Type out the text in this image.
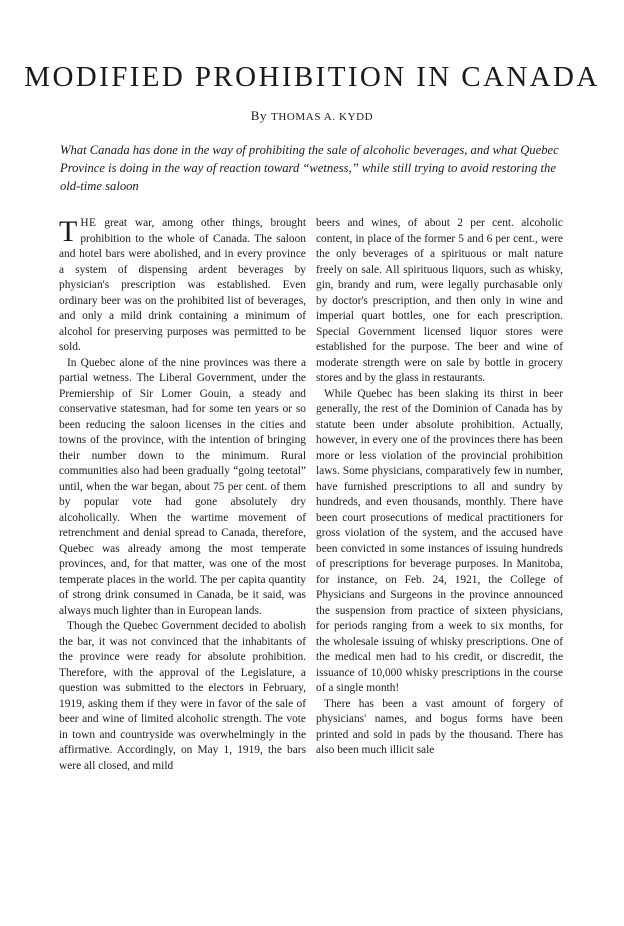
MODIFIED PROHIBITION IN CANADA

By THOMAS A. KYDD

What Canada has done in the way of prohibiting the sale of alcoholic beverages, and what Quebec Province is doing in the way of reaction toward “wetness,” while still trying to avoid restoring the old-time saloon

THE great war, among other things, brought prohibition to the whole of Canada. The saloon and hotel bars were abolished, and in every province a system of dispensing ardent beverages by physician's prescription was established. Even ordinary beer was on the prohibited list of beverages, and only a mild drink containing a minimum of alcohol for preserving purposes was permitted to be sold.

In Quebec alone of the nine provinces was there a partial wetness. The Liberal Government, under the Premiership of Sir Lomer Gouin, a steady and conservative statesman, had for some ten years or so been reducing the saloon licenses in the cities and towns of the province, with the intention of bringing their number down to the minimum. Rural communities also had been gradually “going teetotal” until, when the war began, about 75 per cent. of them by popular vote had gone absolutely dry alcoholically. When the wartime movement of retrenchment and denial spread to Canada, therefore, Quebec was already among the most temperate provinces, and, for that matter, was one of the most temperate places in the world. The per capita quantity of strong drink consumed in Canada, be it said, was always much lighter than in European lands.

Though the Quebec Government decided to abolish the bar, it was not convinced that the inhabitants of the province were ready for absolute prohibition. Therefore, with the approval of the Legislature, a question was submitted to the electors in February, 1919, asking them if they were in favor of the sale of beer and wine of limited alcoholic strength. The vote in town and countryside was overwhelmingly in the affirmative. Accordingly, on May 1, 1919, the bars were all closed, and mild

beers and wines, of about 2 per cent. alcoholic content, in place of the former 5 and 6 per cent., were the only beverages of a spirituous or malt nature freely on sale. All spirituous liquors, such as whisky, gin, brandy and rum, were legally purchasable only by doctor's prescription, and then only in wine and imperial quart bottles, one for each prescription. Special Government licensed liquor stores were established for the purpose. The beer and wine of moderate strength were on sale by bottle in grocery stores and by the glass in restaurants.

While Quebec has been slaking its thirst in beer generally, the rest of the Dominion of Canada has by statute been under absolute prohibition. Actually, however, in every one of the provinces there has been more or less violation of the provincial prohibition laws. Some physicians, comparatively few in number, have furnished prescriptions to all and sundry by hundreds, and even thousands, monthly. There have been court prosecutions of medical practitioners for gross violation of the system, and the accused have been convicted in some instances of issuing hundreds of prescriptions for beverage purposes. In Manitoba, for instance, on Feb. 24, 1921, the College of Physicians and Surgeons in the province announced the suspension from practice of sixteen physicians, for periods ranging from a week to six months, for the wholesale issuing of whisky prescriptions. One of the medical men had to his credit, or discredit, the issuance of 10,000 whisky prescriptions in the course of a single month!

There has been a vast amount of forgery of physicians' names, and bogus forms have been printed and sold in pads by the thousand. There has also been much illicit sale
